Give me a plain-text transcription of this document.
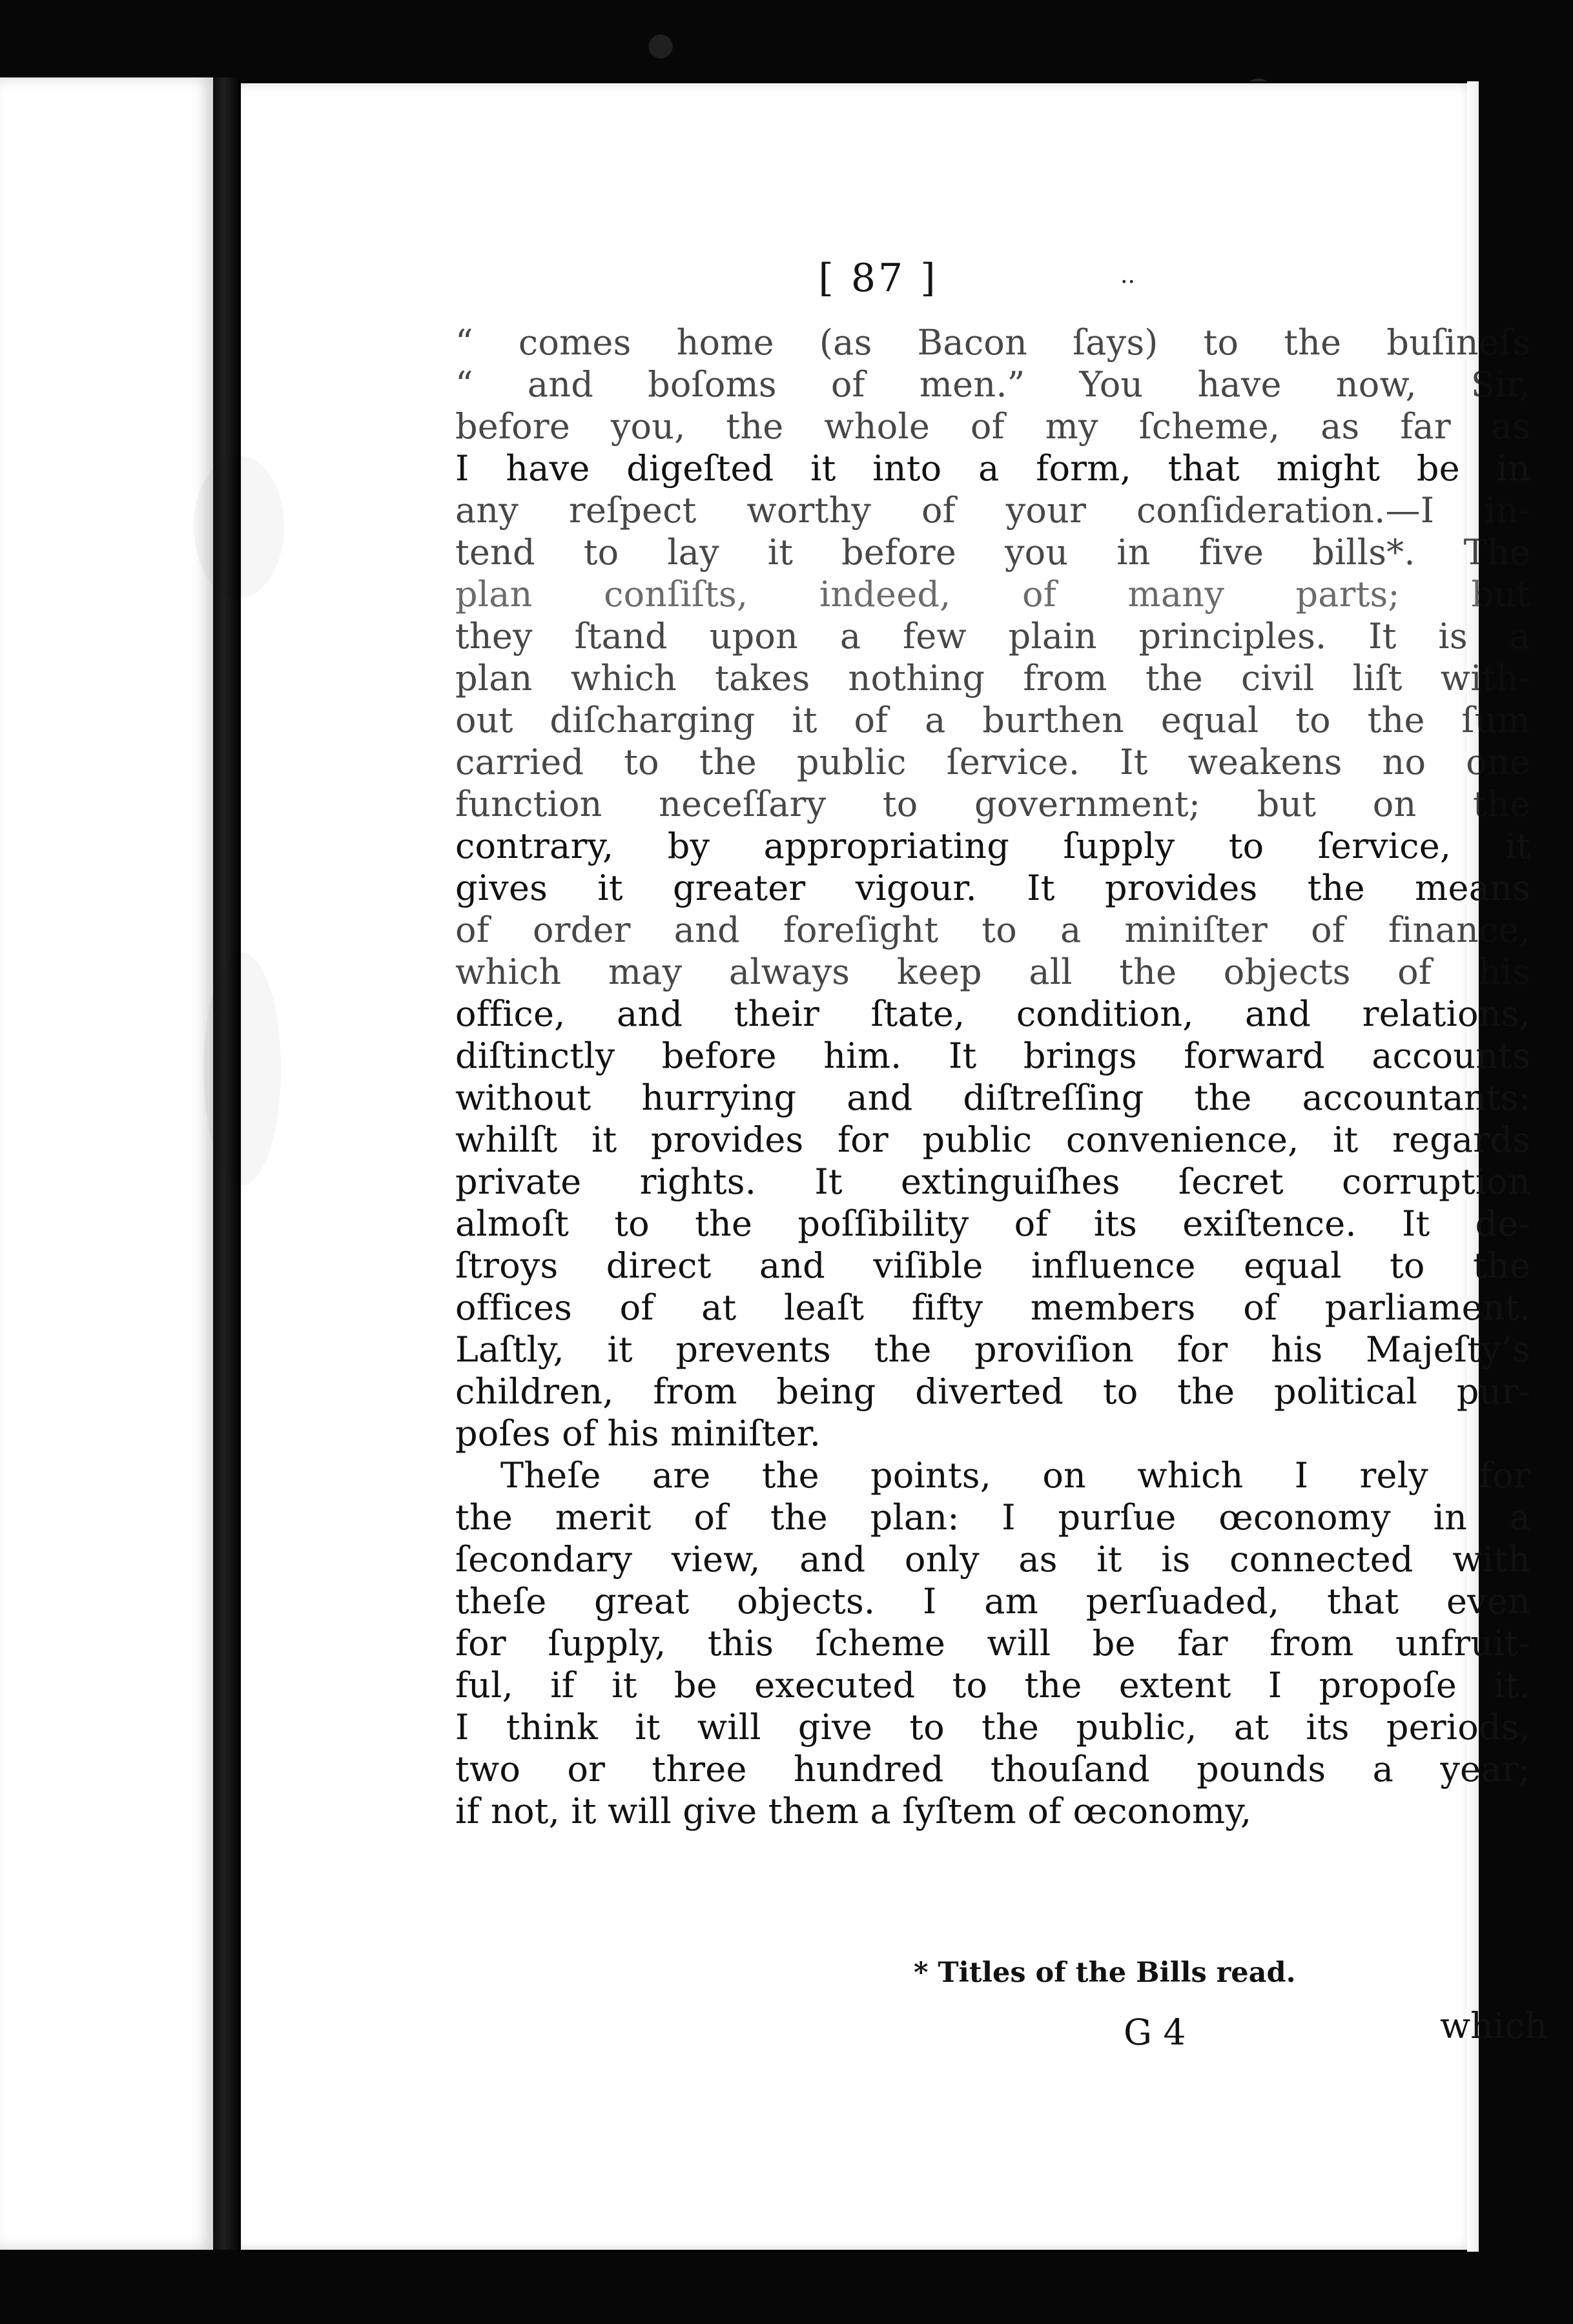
[ 87 ]	..
“ comes home (as Bacon ſays) to the buſineſs
“ and boſoms of men.” You have now, Sir,
before you, the whole of my ſcheme, as far as
I have digeſted it into a form, that might be in
any reſpect worthy of your conſideration.—I in-
tend to lay it before you in five bills*. The
plan conſiſts, indeed, of many parts; but
they ſtand upon a few plain principles. It is a
plan which takes nothing from the civil liſt with-
out diſcharging it of a burthen equal to the ſum
carried to the public ſervice. It weakens no one
function neceſſary to government; but on the
contrary, by appropriating ſupply to ſervice, it
gives it greater vigour. It provides the means
of order and foreſight to a miniſter of finance,
which may always keep all the objects of his
office, and their ſtate, condition, and relations,
diſtinctly before him. It brings forward accounts
without hurrying and diſtreſſing the accountants:
whilſt it provides for public convenience, it regards
private rights. It extinguiſhes ſecret corruption
almoſt to the poſſibility of its exiſtence. It de-
ſtroys direct and viſible influence equal to the
offices of at leaſt fifty members of parliament.
Laſtly, it prevents the proviſion for his Majeſty’s
children, from being diverted to the political pur-
poſes of his miniſter.
Theſe are the points, on which I rely for
the merit of the plan: I purſue œconomy in a
ſecondary view, and only as it is connected with
theſe great objects. I am perſuaded, that even
for ſupply, this ſcheme will be far from unfruit-
ful, if it be executed to the extent I propoſe it.
I think it will give to the public, at its periods,
two or three hundred thouſand pounds a year;
if not, it will give them a ſyſtem of œconomy,
* Titles of the Bills read.
G 4	which
